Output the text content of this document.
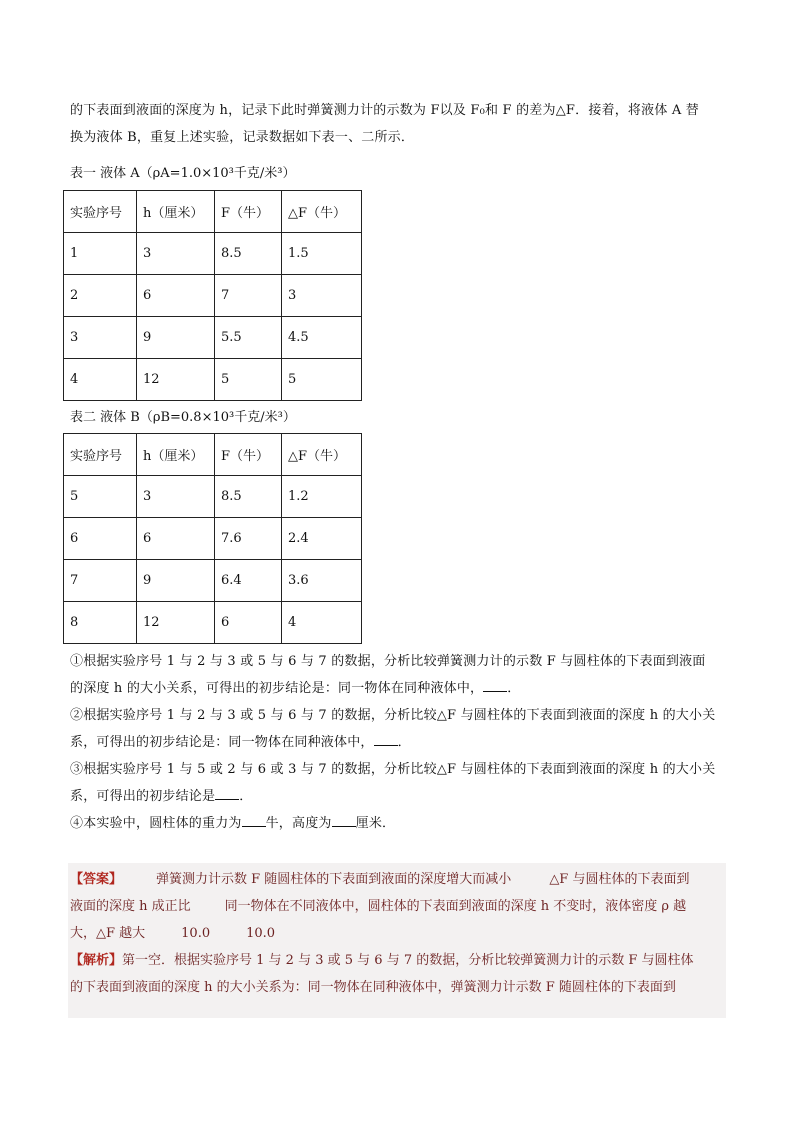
的下表面到液面的深度为 h，记录下此时弹簧测力计的示数为 F以及 F₀和 F 的差为△F．接着，将液体 A 替
换为液体 B，重复上述实验，记录数据如下表一、二所示．
表一 液体 A（ρA=1.0×10³千克/米³）
实验序号	h（厘米）	F（牛）	△F（牛）
1	3	8.5	1.5
2	6	7	3
3	9	5.5	4.5
4	12	5	5
表二 液体 B（ρB=0.8×10³千克/米³）
实验序号	h（厘米）	F（牛）	△F（牛）
5	3	8.5	1.2
6	6	7.6	2.4
7	9	6.4	3.6
8	12	6	4
①根据实验序号 1 与 2 与 3 或 5 与 6 与 7 的数据，分析比较弹簧测力计的示数 F 与圆柱体的下表面到液面
的深度 h 的大小关系，可得出的初步结论是：同一物体在同种液体中， ．
②根据实验序号 1 与 2 与 3 或 5 与 6 与 7 的数据，分析比较△F 与圆柱体的下表面到液面的深度 h 的大小关
系，可得出的初步结论是：同一物体在同种液体中， ．
③根据实验序号 1 与 5 或 2 与 6 或 3 与 7 的数据，分析比较△F 与圆柱体的下表面到液面的深度 h 的大小关
系，可得出的初步结论是 ．
④本实验中，圆柱体的重力为 牛，高度为 厘米．
【答案】	弹簧测力计示数 F 随圆柱体的下表面到液面的深度增大而减小	△F 与圆柱体的下表面到
液面的深度 h 成正比	同一物体在不同液体中，圆柱体的下表面到液面的深度 h 不变时，液体密度 ρ 越
大，△F 越大	10.0	10.0
【解析】第一空．根据实验序号 1 与 2 与 3 或 5 与 6 与 7 的数据，分析比较弹簧测力计的示数 F 与圆柱体
的下表面到液面的深度 h 的大小关系为：同一物体在同种液体中，弹簧测力计示数 F 随圆柱体的下表面到
